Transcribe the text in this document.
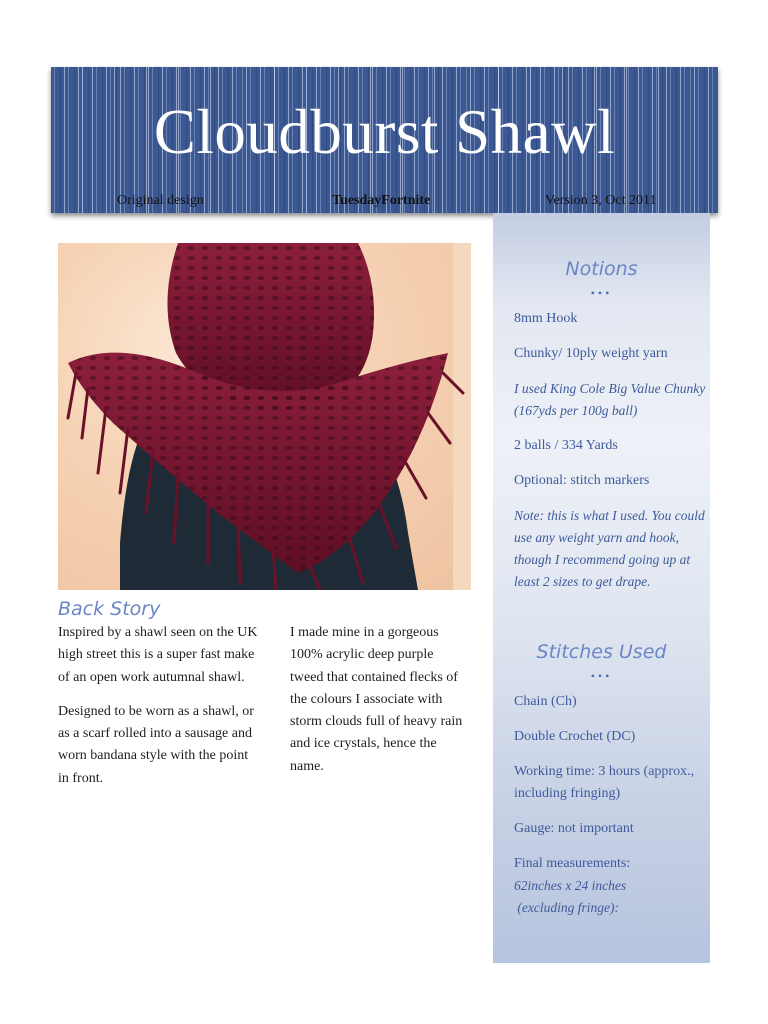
Cloudburst Shawl
Original design	TuesdayFortnite	Version 3, Oct 2011
Back Story

Inspired by a shawl seen on the UK high street this is a super fast make of an open work autumnal shawl.

Designed to be worn as a shawl, or as a scarf rolled into a sausage and worn bandana style with the point in front.

I made mine in a gorgeous 100% acrylic deep purple tweed that contained flecks of the colours I associate with storm clouds full of heavy rain and ice crystals, hence the name.

Notions
•••
8mm Hook
Chunky/ 10ply weight yarn
I used King Cole Big Value Chunky (167yds per 100g ball)
2 balls / 334 Yards
Optional: stitch markers
Note: this is what I used. You could use any weight yarn and hook, though I recommend going up at least 2 sizes to get drape.
Stitches Used
•••
Chain (Ch)
Double Crochet (DC)
Working time: 3 hours (approx., including fringing)
Gauge: not important
Final measurements:
62inches x 24 inches
(excluding fringe):
